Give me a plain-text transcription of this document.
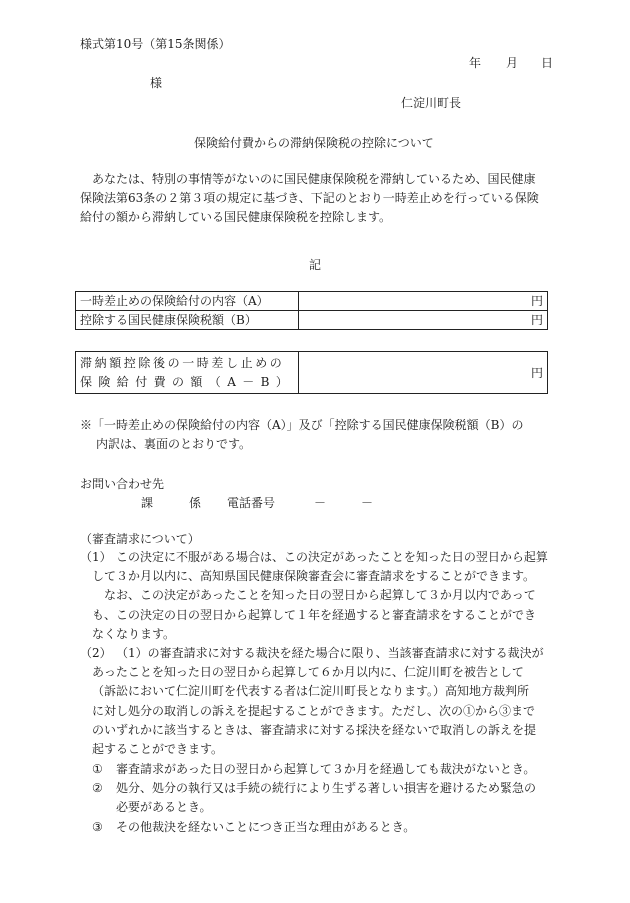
様式第10号（第15条関係）
年 月 日
様
仁淀川町長
保険給付費からの滞納保険税の控除について
あなたは、特別の事情等がないのに国民健康保険税を滞納しているため、国民健康
保険法第63条の２第３項の規定に基づき、下記のとおり一時差止めを行っている保険
給付の額から滞納している国民健康保険税を控除します。
記
一時差止めの保険給付の内容（A）	円
控除する国民健康保険税額（B）	円
滞納額控除後の一時差し止めの
保険給付費の額（A－B）
	円
※「一時差止めの保険給付の内容（A）」及び「控除する国民健康保険税額（B）の
内訳は、裏面のとおりです。
お問い合わせ先
課	係 電話番号	－	－
（審査請求について）
（1） この決定に不服がある場合は、この決定があったことを知った日の翌日から起算
して３か月以内に、高知県国民健康保険審査会に審査請求をすることができます。
なお、この決定があったことを知った日の翌日から起算して３か月以内であって
も、この決定の日の翌日から起算して１年を経過すると審査請求をすることができ
なくなります。
（2） （1）の審査請求に対する裁決を経た場合に限り、当該審査請求に対する裁決が
あったことを知った日の翌日から起算して６か月以内に、仁淀川町を被告として
（訴訟において仁淀川町を代表する者は仁淀川町長となります。）高知地方裁判所
に対し処分の取消しの訴えを提起することができます。ただし、次の①から③まで
のいずれかに該当するときは、審査請求に対する採決を経ないで取消しの訴えを提
起することができます。
① 審査請求があった日の翌日から起算して３か月を経過しても裁決がないとき。
② 処分、処分の執行又は手続の続行により生ずる著しい損害を避けるため緊急の
必要があるとき。
③ その他裁決を経ないことにつき正当な理由があるとき。
